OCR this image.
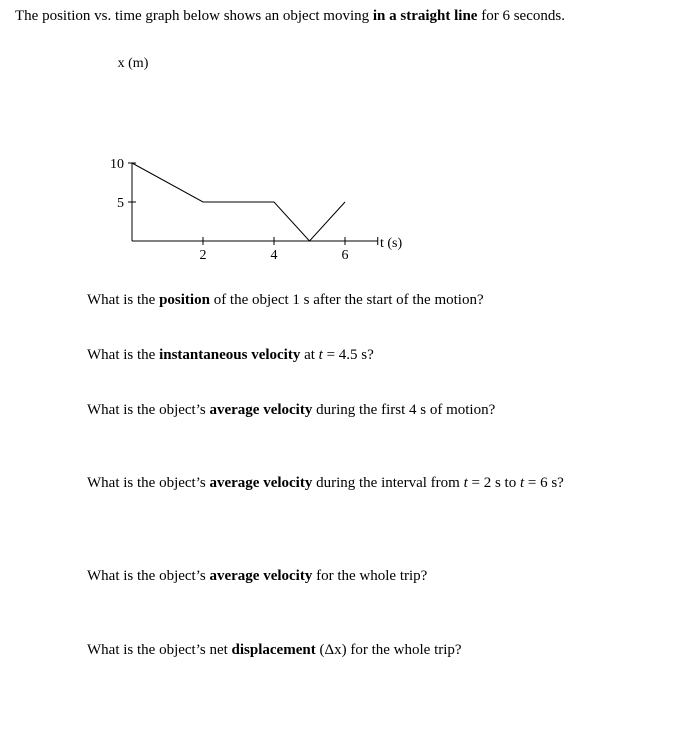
The position vs. time graph below shows an object moving in a straight line for 6 seconds.

2	4	6
5
10
x (m)
t (s)

What is the position of the object 1 s after the start of the motion?

What is the instantaneous velocity at t = 4.5 s?

What is the object’s average velocity during the first 4 s of motion?

What is the object’s average velocity during the interval from t = 2 s to t = 6 s?

What is the object’s average velocity for the whole trip?

What is the object’s net displacement (Δx) for the whole trip?
